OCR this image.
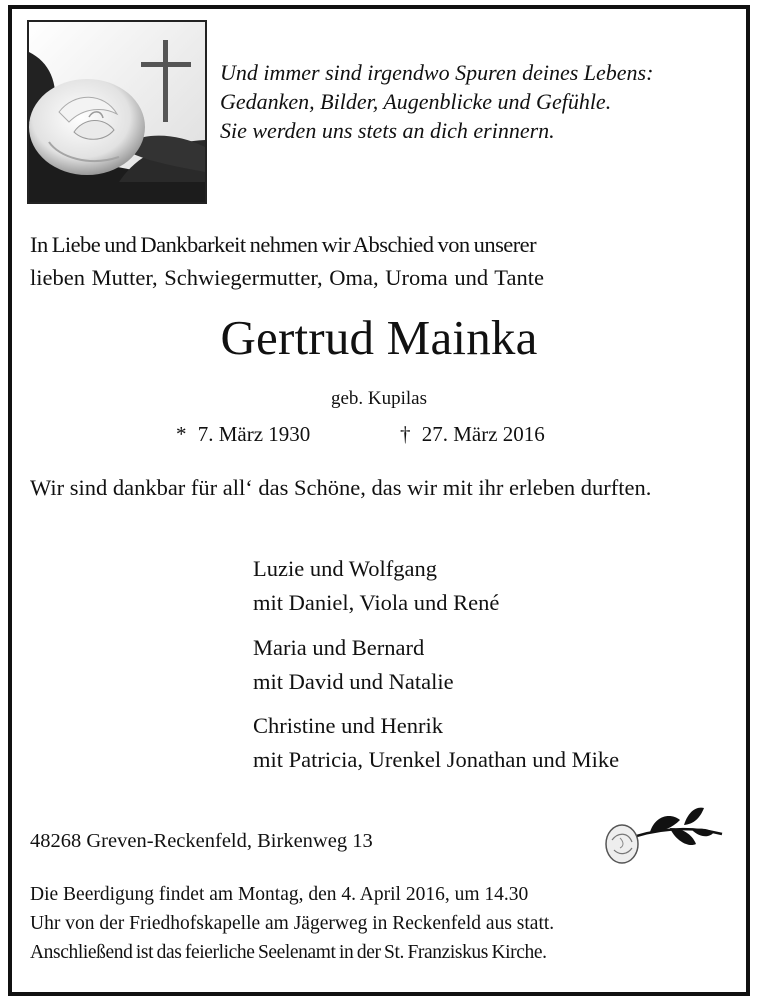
Und immer sind irgendwo Spuren deines Lebens:
Gedanken, Bilder, Augenblicke und Gefühle.
Sie werden uns stets an dich erinnern.
In Liebe und Dankbarkeit nehmen wir Abschied von unserer
lieben Mutter, Schwiegermutter, Oma, Uroma und Tante
Gertrud Mainka
geb. Kupilas
* 7. März 1930	† 27. März 2016
Wir sind dankbar für all‘ das Schöne, das wir mit ihr erleben durften.
Luzie und Wolfgang
mit Daniel, Viola und René
Maria und Bernard
mit David und Natalie
Christine und Henrik
mit Patricia, Urenkel Jonathan und Mike
48268 Greven-Reckenfeld, Birkenweg 13
Die Beerdigung findet am Montag, den 4. April 2016, um 14.30
Uhr von der Friedhofskapelle am Jägerweg in Reckenfeld aus statt.
Anschließend ist das feierliche Seelenamt in der St. Franziskus Kirche.
